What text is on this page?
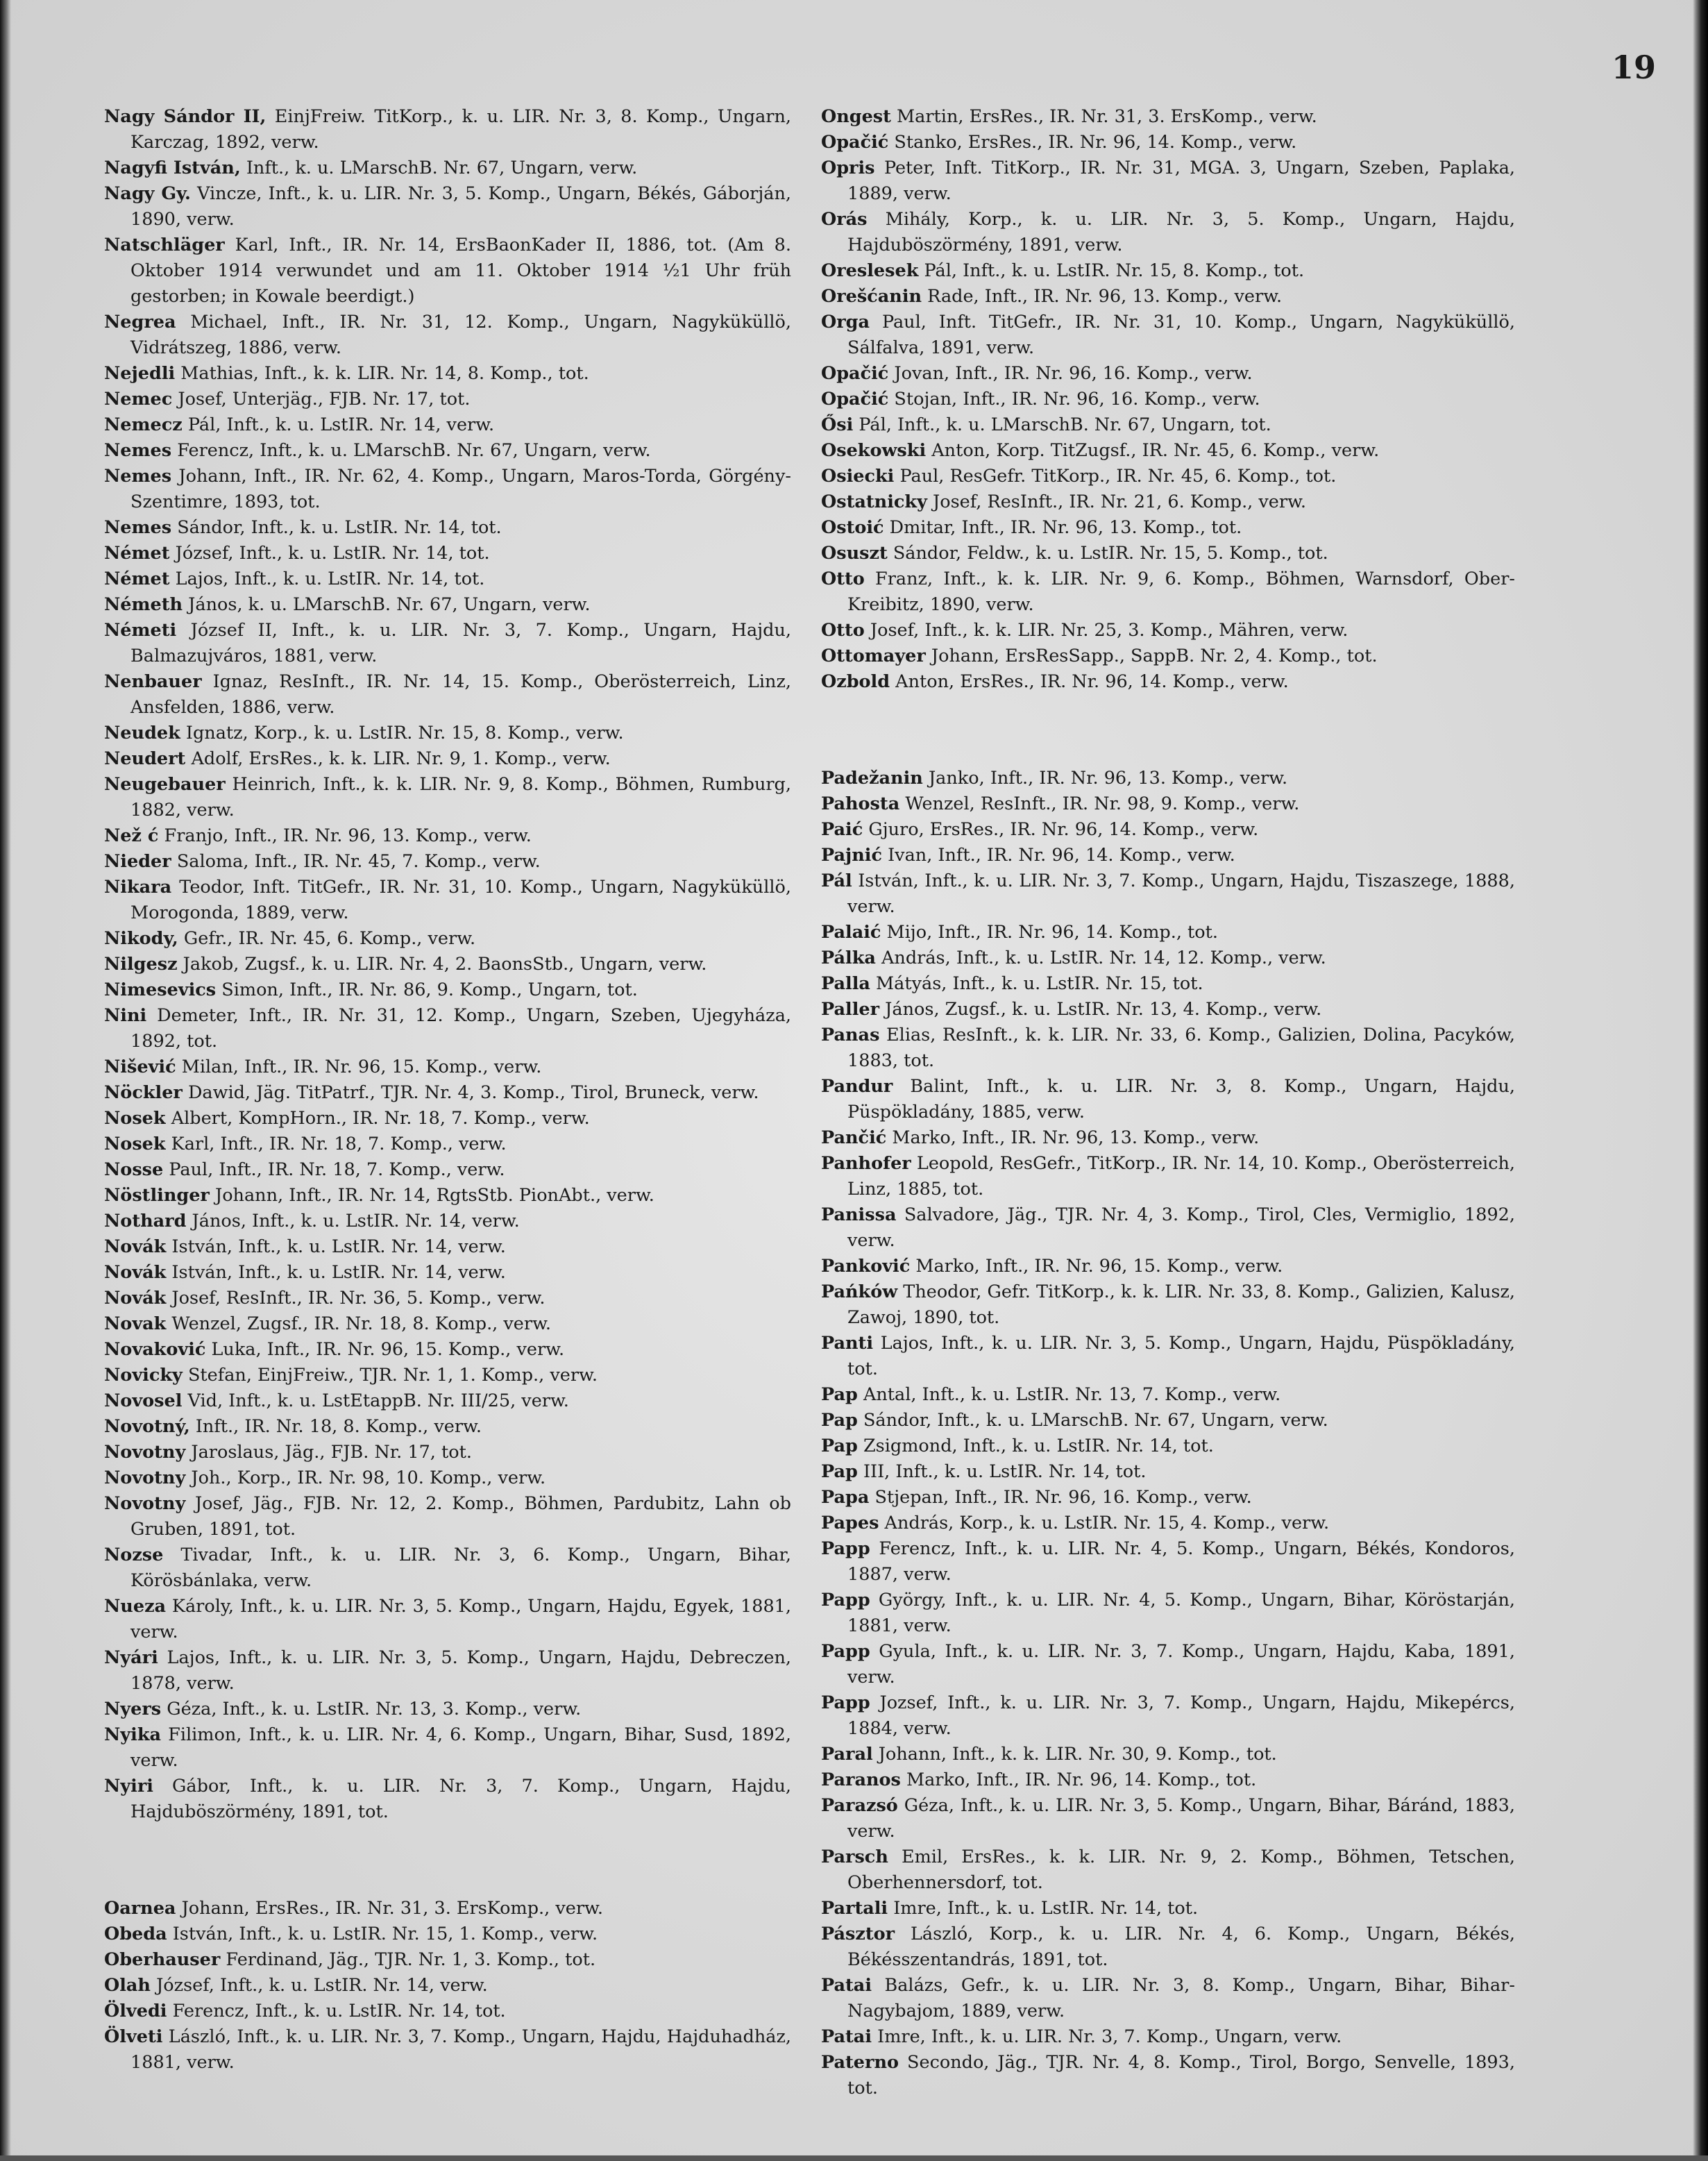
19
Nagy Sándor II, EinjFreiw. TitKorp., k. u. LIR. Nr. 3, 8. Komp., Ungarn, Karczag, 1892, verw.
Nagyfi István, Inft., k. u. LMarschB. Nr. 67, Ungarn, verw.
Nagy Gy. Vincze, Inft., k. u. LIR. Nr. 3, 5. Komp., Ungarn, Békés, Gáborján, 1890, verw.
Natschläger Karl, Inft., IR. Nr. 14, ErsBaonKader II, 1886, tot. (Am 8. Oktober 1914 verwundet und am 11. Oktober 1914 ½1 Uhr früh gestorben; in Kowale beerdigt.)
Negrea Michael, Inft., IR. Nr. 31, 12. Komp., Ungarn, Nagyküküllö, Vidrátszeg, 1886, verw.
Nejedli Mathias, Inft., k. k. LIR. Nr. 14, 8. Komp., tot.
Nemec Josef, Unterjäg., FJB. Nr. 17, tot.
Nemecz Pál, Inft., k. u. LstIR. Nr. 14, verw.
Nemes Ferencz, Inft., k. u. LMarschB. Nr. 67, Ungarn, verw.
Nemes Johann, Inft., IR. Nr. 62, 4. Komp., Ungarn, Maros-Torda, Görgény-Szentimre, 1893, tot.
Nemes Sándor, Inft., k. u. LstIR. Nr. 14, tot.
Német József, Inft., k. u. LstIR. Nr. 14, tot.
Német Lajos, Inft., k. u. LstIR. Nr. 14, tot.
Németh János, k. u. LMarschB. Nr. 67, Ungarn, verw.
Németi József II, Inft., k. u. LIR. Nr. 3, 7. Komp., Ungarn, Hajdu, Balmazujváros, 1881, verw.
Nenbauer Ignaz, ResInft., IR. Nr. 14, 15. Komp., Oberösterreich, Linz, Ansfelden, 1886, verw.
Neudek Ignatz, Korp., k. u. LstIR. Nr. 15, 8. Komp., verw.
Neudert Adolf, ErsRes., k. k. LIR. Nr. 9, 1. Komp., verw.
Neugebauer Heinrich, Inft., k. k. LIR. Nr. 9, 8. Komp., Böhmen, Rumburg, 1882, verw.
Nеž ć Franjo, Inft., IR. Nr. 96, 13. Komp., verw.
Nieder Saloma, Inft., IR. Nr. 45, 7. Komp., verw.
Nikara Teodor, Inft. TitGefr., IR. Nr. 31, 10. Komp., Ungarn, Nagyküküllö, Morogonda, 1889, verw.
Nikody, Gefr., IR. Nr. 45, 6. Komp., verw.
Nilgesz Jakob, Zugsf., k. u. LIR. Nr. 4, 2. BaonsStb., Ungarn, verw.
Nimesevics Simon, Inft., IR. Nr. 86, 9. Komp., Ungarn, tot.
Nini Demeter, Inft., IR. Nr. 31, 12. Komp., Ungarn, Szeben, Ujegyháza, 1892, tot.
Nišević Milan, Inft., IR. Nr. 96, 15. Komp., verw.
Nöckler Dawid, Jäg. TitPatrf., TJR. Nr. 4, 3. Komp., Tirol, Bruneck, verw.
Nosek Albert, KompHorn., IR. Nr. 18, 7. Komp., verw.
Nosek Karl, Inft., IR. Nr. 18, 7. Komp., verw.
Nosse Paul, Inft., IR. Nr. 18, 7. Komp., verw.
Nöstlinger Johann, Inft., IR. Nr. 14, RgtsStb. PionAbt., verw.
Nothard János, Inft., k. u. LstIR. Nr. 14, verw.
Novák István, Inft., k. u. LstIR. Nr. 14, verw.
Novák István, Inft., k. u. LstIR. Nr. 14, verw.
Novák Josef, ResInft., IR. Nr. 36, 5. Komp., verw.
Novak Wenzel, Zugsf., IR. Nr. 18, 8. Komp., verw.
Novaković Luka, Inft., IR. Nr. 96, 15. Komp., verw.
Novicky Stefan, EinjFreiw., TJR. Nr. 1, 1. Komp., verw.
Novosel Vid, Inft., k. u. LstEtappB. Nr. III/25, verw.
Novotný, Inft., IR. Nr. 18, 8. Komp., verw.
Novotny Jaroslaus, Jäg., FJB. Nr. 17, tot.
Novotny Joh., Korp., IR. Nr. 98, 10. Komp., verw.
Novotny Josef, Jäg., FJB. Nr. 12, 2. Komp., Böhmen, Pardubitz, Lahn ob Gruben, 1891, tot.
Nozse Tivadar, Inft., k. u. LIR. Nr. 3, 6. Komp., Ungarn, Bihar, Körösbánlaka, verw.
Nueza Károly, Inft., k. u. LIR. Nr. 3, 5. Komp., Ungarn, Hajdu, Egyek, 1881, verw.
Nyári Lajos, Inft., k. u. LIR. Nr. 3, 5. Komp., Ungarn, Hajdu, Debreczen, 1878, verw.
Nyers Géza, Inft., k. u. LstIR. Nr. 13, 3. Komp., verw.
Nyika Filimon, Inft., k. u. LIR. Nr. 4, 6. Komp., Ungarn, Bihar, Susd, 1892, verw.
Nyiri Gábor, Inft., k. u. LIR. Nr. 3, 7. Komp., Ungarn, Hajdu, Hajduböszörmény, 1891, tot.
Oarnea Johann, ErsRes., IR. Nr. 31, 3. ErsKomp., verw.
Obeda István, Inft., k. u. LstIR. Nr. 15, 1. Komp., verw.
Oberhauser Ferdinand, Jäg., TJR. Nr. 1, 3. Komp., tot.
Olah József, Inft., k. u. LstIR. Nr. 14, verw.
Ölvedi Ferencz, Inft., k. u. LstIR. Nr. 14, tot.
Ölveti László, Inft., k. u. LIR. Nr. 3, 7. Komp., Ungarn, Hajdu, Hajduhadház, 1881, verw.
Ongest Martin, ErsRes., IR. Nr. 31, 3. ErsKomp., verw.
Opačić Stanko, ErsRes., IR. Nr. 96, 14. Komp., verw.
Opris Peter, Inft. TitKorp., IR. Nr. 31, MGA. 3, Ungarn, Szeben, Paplaka, 1889, verw.
Orás Mihály, Korp., k. u. LIR. Nr. 3, 5. Komp., Ungarn, Hajdu, Hajduböszörmény, 1891, verw.
Oreslesek Pál, Inft., k. u. LstIR. Nr. 15, 8. Komp., tot.
Orešćanin Rade, Inft., IR. Nr. 96, 13. Komp., verw.
Orga Paul, Inft. TitGefr., IR. Nr. 31, 10. Komp., Ungarn, Nagyküküllö, Sálfalva, 1891, verw.
Opačić Jovan, Inft., IR. Nr. 96, 16. Komp., verw.
Opačić Stojan, Inft., IR. Nr. 96, 16. Komp., verw.
Ősi Pál, Inft., k. u. LMarschB. Nr. 67, Ungarn, tot.
Osekowski Anton, Korp. TitZugsf., IR. Nr. 45, 6. Komp., verw.
Osiecki Paul, ResGefr. TitKorp., IR. Nr. 45, 6. Komp., tot.
Ostatnicky Josef, ResInft., IR. Nr. 21, 6. Komp., verw.
Ostoić Dmitar, Inft., IR. Nr. 96, 13. Komp., tot.
Osuszt Sándor, Feldw., k. u. LstIR. Nr. 15, 5. Komp., tot.
Otto Franz, Inft., k. k. LIR. Nr. 9, 6. Komp., Böhmen, Warnsdorf, Ober-Kreibitz, 1890, verw.
Otto Josef, Inft., k. k. LIR. Nr. 25, 3. Komp., Mähren, verw.
Ottomayer Johann, ErsResSapp., SappB. Nr. 2, 4. Komp., tot.
Ozbold Anton, ErsRes., IR. Nr. 96, 14. Komp., verw.
Padežanin Janko, Inft., IR. Nr. 96, 13. Komp., verw.
Pahosta Wenzel, ResInft., IR. Nr. 98, 9. Komp., verw.
Paić Gjuro, ErsRes., IR. Nr. 96, 14. Komp., verw.
Pajnić Ivan, Inft., IR. Nr. 96, 14. Komp., verw.
Pál István, Inft., k. u. LIR. Nr. 3, 7. Komp., Ungarn, Hajdu, Tiszaszege, 1888, verw.
Palaić Mijo, Inft., IR. Nr. 96, 14. Komp., tot.
Pálka András, Inft., k. u. LstIR. Nr. 14, 12. Komp., verw.
Palla Mátyás, Inft., k. u. LstIR. Nr. 15, tot.
Paller János, Zugsf., k. u. LstIR. Nr. 13, 4. Komp., verw.
Panas Elias, ResInft., k. k. LIR. Nr. 33, 6. Komp., Galizien, Dolina, Pacyków, 1883, tot.
Pandur Balint, Inft., k. u. LIR. Nr. 3, 8. Komp., Ungarn, Hajdu, Püspökladány, 1885, verw.
Pančić Marko, Inft., IR. Nr. 96, 13. Komp., verw.
Panhofer Leopold, ResGefr., TitKorp., IR. Nr. 14, 10. Komp., Oberösterreich, Linz, 1885, tot.
Panissa Salvadore, Jäg., TJR. Nr. 4, 3. Komp., Tirol, Cles, Vermiglio, 1892, verw.
Panković Marko, Inft., IR. Nr. 96, 15. Komp., verw.
Pańków Theodor, Gefr. TitKorp., k. k. LIR. Nr. 33, 8. Komp., Galizien, Kalusz, Zawoj, 1890, tot.
Panti Lajos, Inft., k. u. LIR. Nr. 3, 5. Komp., Ungarn, Hajdu, Püspökladány, tot.
Pap Antal, Inft., k. u. LstIR. Nr. 13, 7. Komp., verw.
Pap Sándor, Inft., k. u. LMarschB. Nr. 67, Ungarn, verw.
Pap Zsigmond, Inft., k. u. LstIR. Nr. 14, tot.
Pap III, Inft., k. u. LstIR. Nr. 14, tot.
Papa Stjepan, Inft., IR. Nr. 96, 16. Komp., verw.
Papes András, Korp., k. u. LstIR. Nr. 15, 4. Komp., verw.
Papp Ferencz, Inft., k. u. LIR. Nr. 4, 5. Komp., Ungarn, Békés, Kondoros, 1887, verw.
Papp György, Inft., k. u. LIR. Nr. 4, 5. Komp., Ungarn, Bihar, Köröstarján, 1881, verw.
Papp Gyula, Inft., k. u. LIR. Nr. 3, 7. Komp., Ungarn, Hajdu, Kaba, 1891, verw.
Papp Jozsef, Inft., k. u. LIR. Nr. 3, 7. Komp., Ungarn, Hajdu, Mikepércs, 1884, verw.
Paral Johann, Inft., k. k. LIR. Nr. 30, 9. Komp., tot.
Paranos Marko, Inft., IR. Nr. 96, 14. Komp., tot.
Parazsó Géza, Inft., k. u. LIR. Nr. 3, 5. Komp., Ungarn, Bihar, Báránd, 1883, verw.
Parsch Emil, ErsRes., k. k. LIR. Nr. 9, 2. Komp., Böhmen, Tetschen, Oberhennersdorf, tot.
Partali Imre, Inft., k. u. LstIR. Nr. 14, tot.
Pásztor László, Korp., k. u. LIR. Nr. 4, 6. Komp., Ungarn, Békés, Békésszentandrás, 1891, tot.
Patai Balázs, Gefr., k. u. LIR. Nr. 3, 8. Komp., Ungarn, Bihar, Bihar-Nagybajom, 1889, verw.
Patai Imre, Inft., k. u. LIR. Nr. 3, 7. Komp., Ungarn, verw.
Paterno Secondo, Jäg., TJR. Nr. 4, 8. Komp., Tirol, Borgo, Senvelle, 1893, tot.
